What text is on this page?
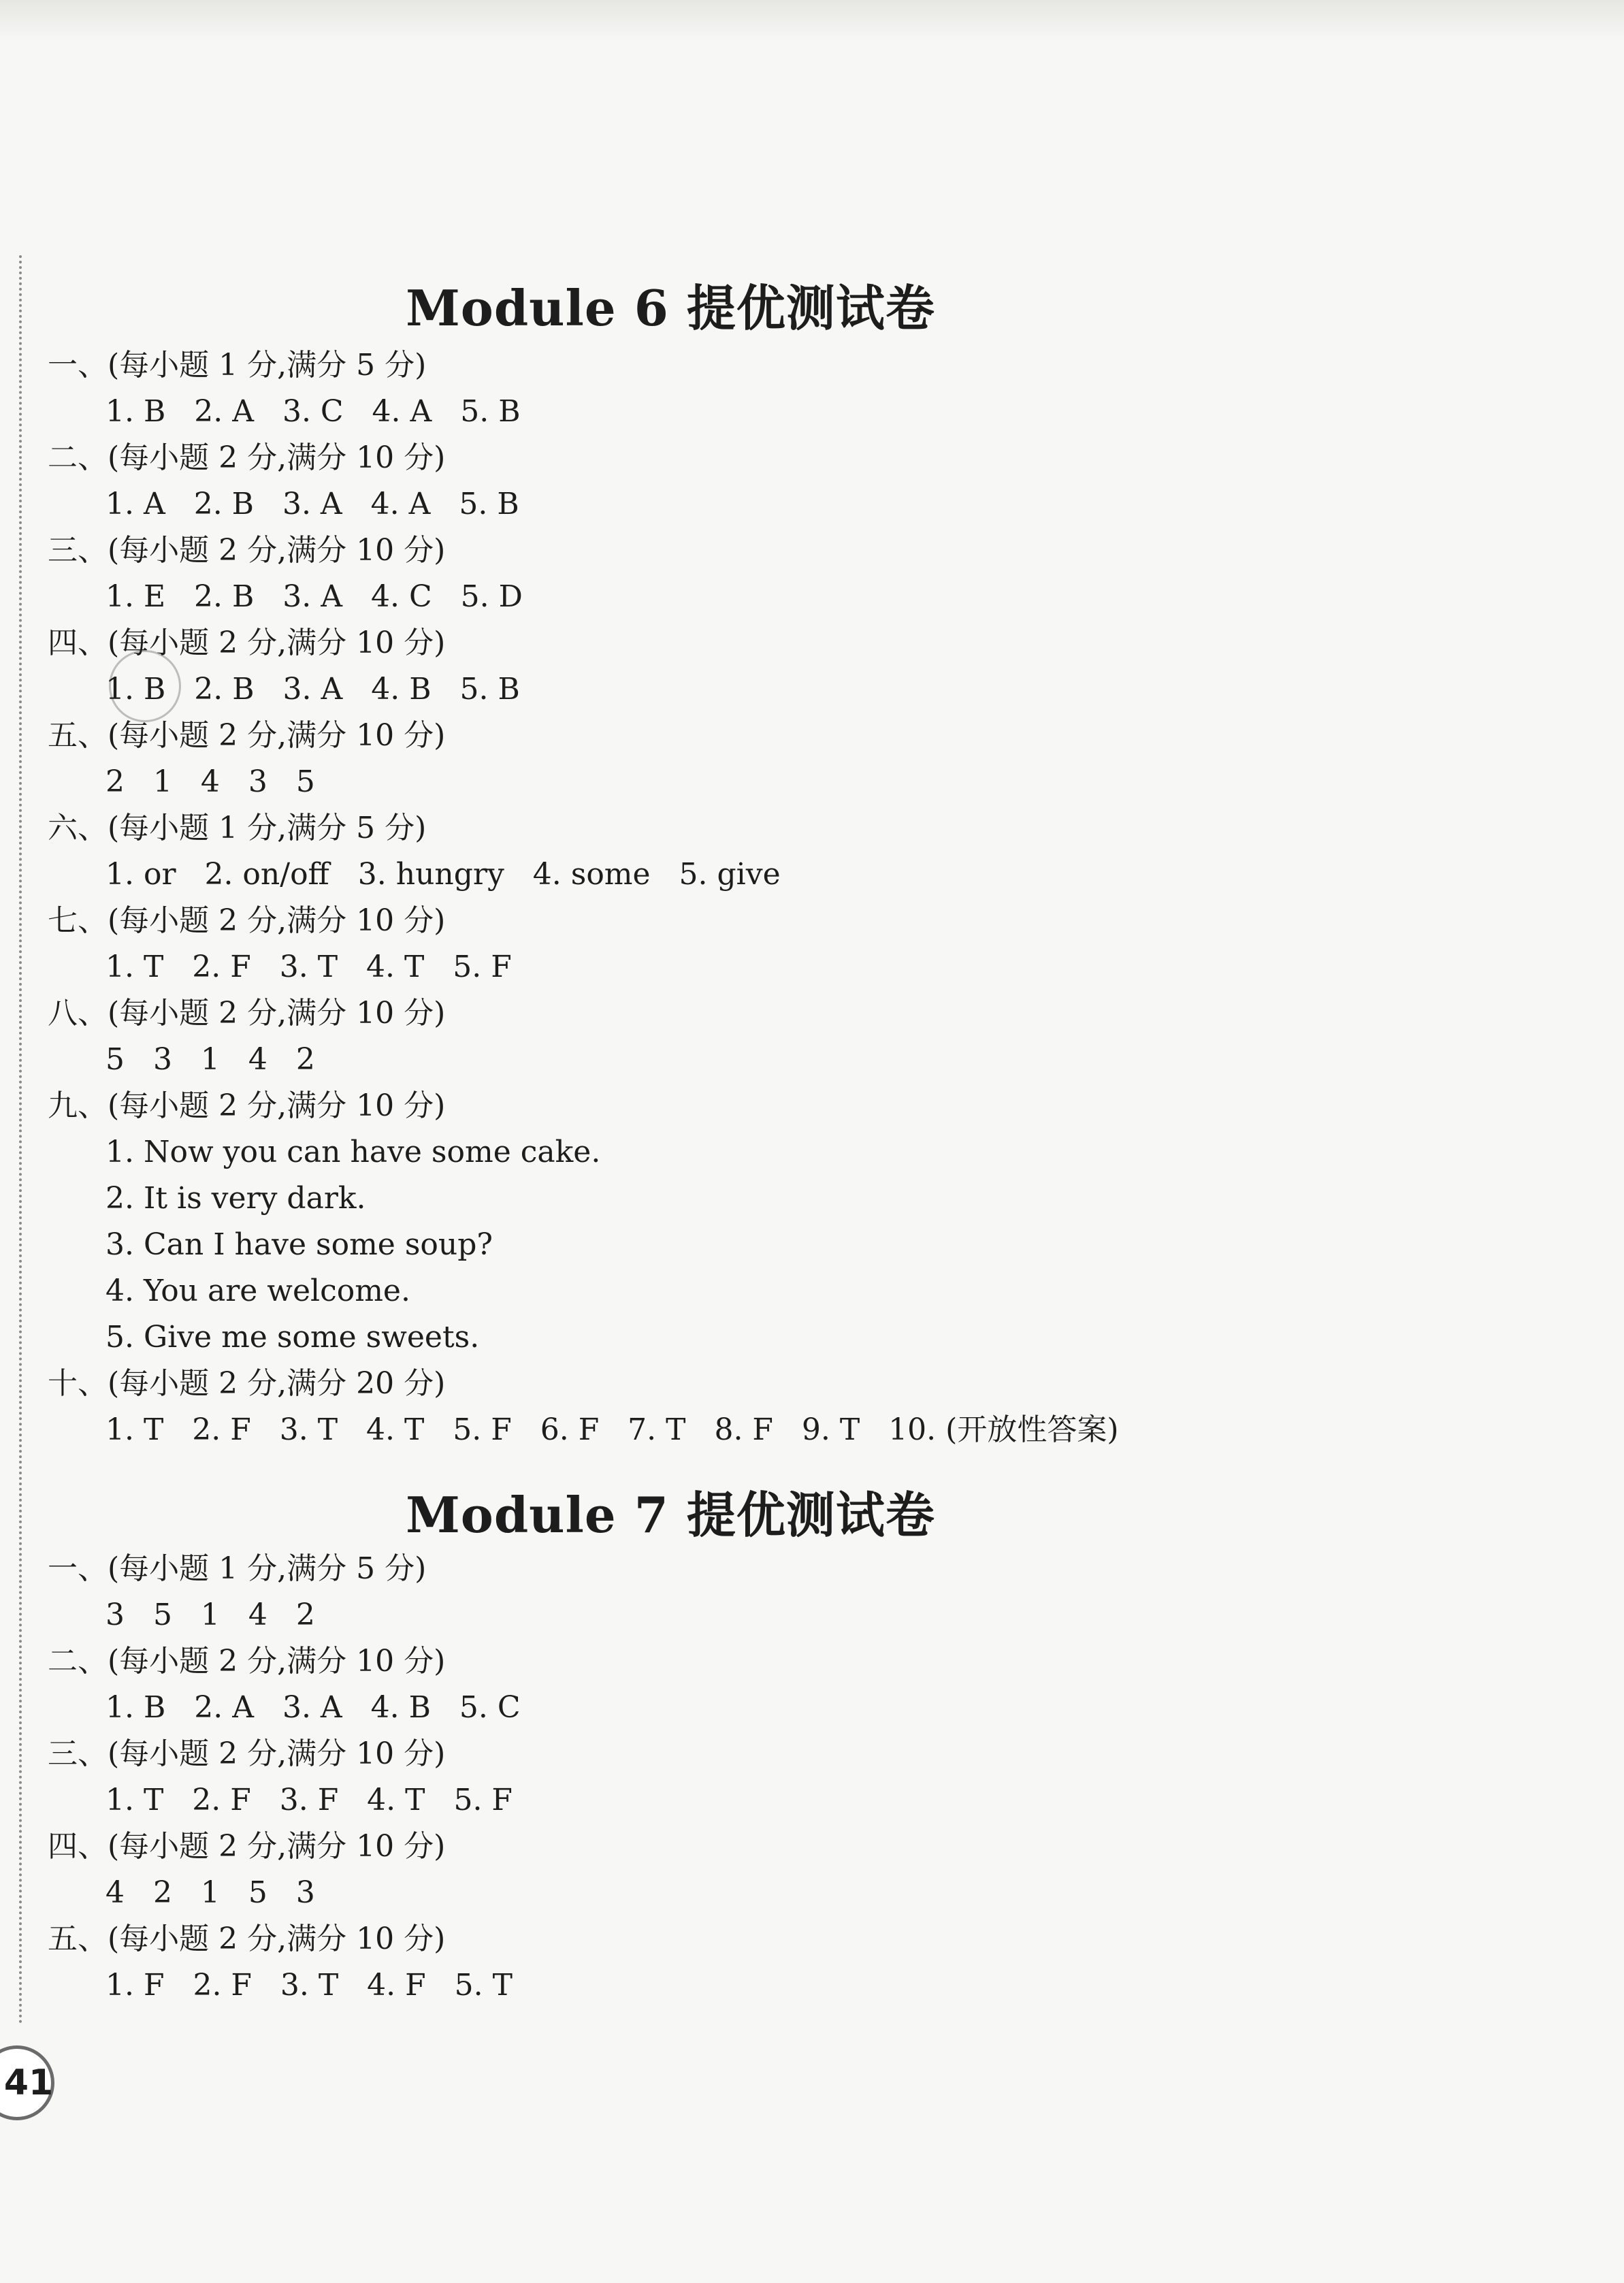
Module 6 提优测试卷
一、(每小题 1 分,满分 5 分)
1. B   2. A   3. C   4. A   5. B
二、(每小题 2 分,满分 10 分)
1. A   2. B   3. A   4. A   5. B
三、(每小题 2 分,满分 10 分)
1. E   2. B   3. A   4. C   5. D
四、(每小题 2 分,满分 10 分)
1. B   2. B   3. A   4. B   5. B
五、(每小题 2 分,满分 10 分)
2   1   4   3   5
六、(每小题 1 分,满分 5 分)
1. or   2. on/off   3. hungry   4. some   5. give
七、(每小题 2 分,满分 10 分)
1. T   2. F   3. T   4. T   5. F
八、(每小题 2 分,满分 10 分)
5   3   1   4   2
九、(每小题 2 分,满分 10 分)
1. Now you can have some cake.
2. It is very dark.
3. Can I have some soup?
4. You are welcome.
5. Give me some sweets.
十、(每小题 2 分,满分 20 分)
1. T   2. F   3. T   4. T   5. F   6. F   7. T   8. F   9. T   10. (开放性答案)
Module 7 提优测试卷
一、(每小题 1 分,满分 5 分)
3   5   1   4   2
二、(每小题 2 分,满分 10 分)
1. B   2. A   3. A   4. B   5. C
三、(每小题 2 分,满分 10 分)
1. T   2. F   3. F   4. T   5. F
四、(每小题 2 分,满分 10 分)
4   2   1   5   3
五、(每小题 2 分,满分 10 分)
1. F   2. F   3. T   4. F   5. T
41
